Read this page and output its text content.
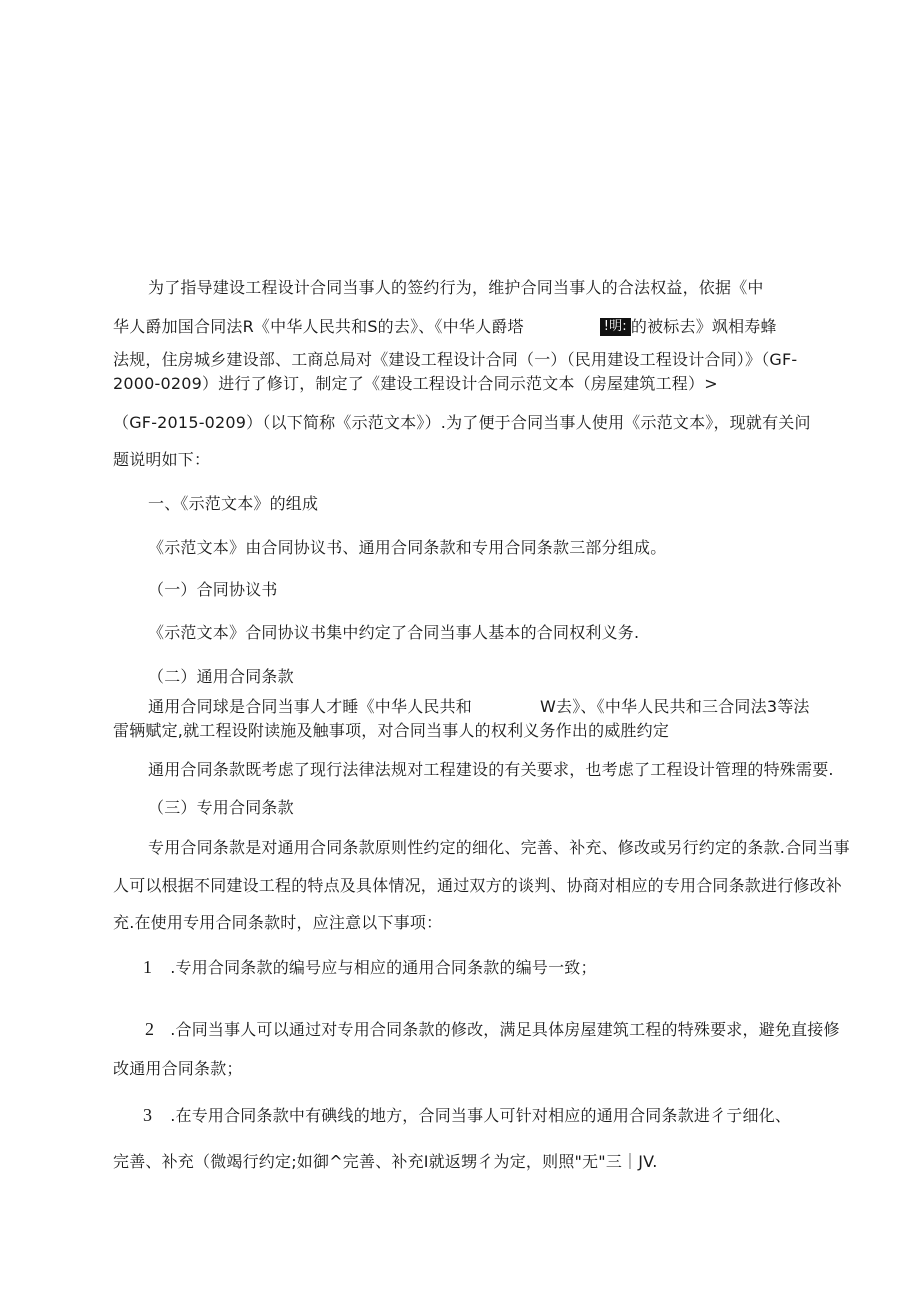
为了指导建设工程设计合同当事人的签约行为，维护合同当事人的合法权益，依据《中
华人爵加国合同法R《中华人民共和S的去》、《中华人爵塔	!明: 的被标去》飒相寿蜂
法规，住房城乡建设部、工商总局对《建设工程设计合同（一）（民用建设工程设计合同）》（GF-
2000-0209）进行了修订，制定了《建设工程设计合同示范文本（房屋建筑工程）>
（GF-2015-0209）（以下简称《示范文本》）.为了便于合同当事人使用《示范文本》，现就有关问
题说明如下：
一、《示范文本》的组成
《示范文本》由合同协议书、通用合同条款和专用合同条款三部分组成。
（一）合同协议书
《示范文本》合同协议书集中约定了合同当事人基本的合同权利义务.
（二）通用合同条款
通用合同球是合同当事人才睡《中华人民共和	W去》、《中华人民共和三合同法3等法
雷辆赋定,就工程设附读施及触事项，对合同当事人的权利义务作出的威胜约定
通用合同条款既考虑了现行法律法规对工程建设的有关要求，也考虑了工程设计管理的特殊需要.
（三）专用合同条款
专用合同条款是对通用合同条款原则性约定的细化、完善、补充、修改或另行约定的条款.合同当事
人可以根据不同建设工程的特点及具体情况，通过双方的谈判、协商对相应的专用合同条款进行修改补
充.在使用专用合同条款时，应注意以下事项：
1 .专用合同条款的编号应与相应的通用合同条款的编号一致；
2 .合同当事人可以通过对专用合同条款的修改，满足具体房屋建筑工程的特殊要求，避免直接修
改通用合同条款；
3 .在专用合同条款中有碘线的地方，合同当事人可针对相应的通用合同条款进彳亍细化、
完善、补充（微竭行约定;如御^完善、补充I就返甥彳为定，则照"无"三｜JV.
